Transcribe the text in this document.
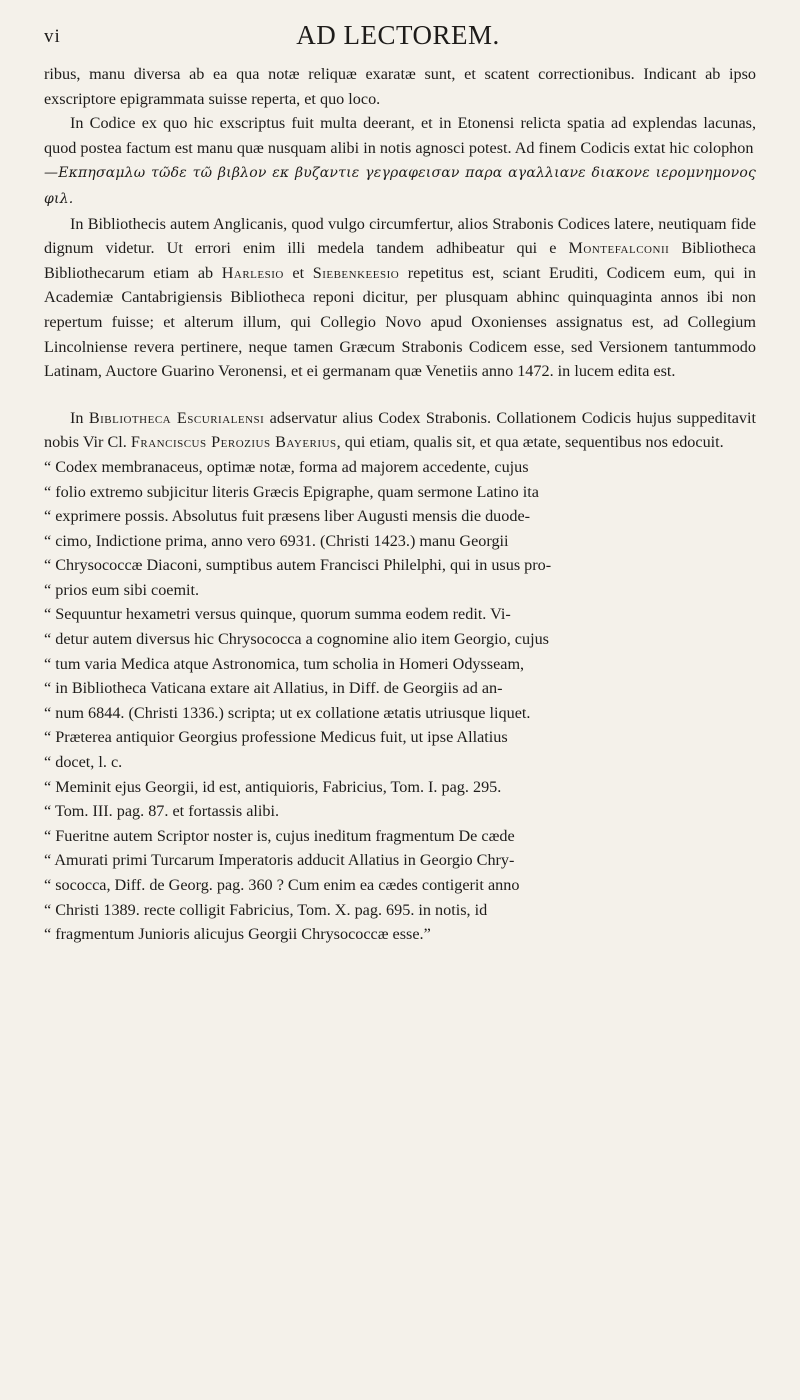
vi	AD LECTOREM.

ribus, manu diversa ab ea qua notæ reliquæ exaratæ sunt, et scatent correctionibus. Indicant ab ipso exscriptore epigrammata suisse reperta, et quo loco.

In Codice ex quo hic exscriptus fuit multa deerant, et in Etonensi relicta spatia ad explendas lacunas, quod postea factum est manu quæ nusquam alibi in notis agnosci potest. Ad finem Codicis extat hic colophon

—Εκπησαμλω τῶδε τῶ βιβλον εκ βυζαντιε γεγραφεισαν παρα αγαλλιανε διακονε ιερομνημονος φιλ.

In Bibliothecis autem Anglicanis, quod vulgo circumfertur, alios Strabonis Codices latere, neutiquam fide dignum videtur. Ut errori enim illi medela tandem adhibeatur qui e Montefalconii Bibliotheca Bibliothecarum etiam ab Harlesio et Siebenkeesio repetitus est, sciant Eruditi, Codicem eum, qui in Academiæ Cantabrigiensis Bibliotheca reponi dicitur, per plusquam abhinc quinquaginta annos ibi non repertum fuisse; et alterum illum, qui Collegio Novo apud Oxonienses assignatus est, ad Collegium Lincolniense revera pertinere, neque tamen Græcum Strabonis Codicem esse, sed Versionem tantummodo Latinam, Auctore Guarino Veronensi, et ei germanam quæ Venetiis anno 1472. in lucem edita est.

In Bibliotheca Escurialensi adservatur alius Codex Strabonis. Collationem Codicis hujus suppeditavit nobis Vir Cl. Franciscus Perozius Bayerius, qui etiam, qualis sit, et qua ætate, sequentibus nos edocuit.

“ Codex membranaceus, optimæ notæ, forma ad majorem accedente, cujus
“ folio extremo subjicitur literis Græcis Epigraphe, quam sermone Latino ita
“ exprimere possis. Absolutus fuit præsens liber Augusti mensis die duode-
“ cimo, Indictione prima, anno vero 6931. (Christi 1423.) manu Georgii
“ Chrysococcæ Diaconi, sumptibus autem Francisci Philelphi, qui in usus pro-
“ prios eum sibi coemit.
“ Sequuntur hexametri versus quinque, quorum summa eodem redit. Vi-
“ detur autem diversus hic Chrysococca a cognomine alio item Georgio, cujus
“ tum varia Medica atque Astronomica, tum scholia in Homeri Odysseam,
“ in Bibliotheca Vaticana extare ait Allatius, in Diff. de Georgiis ad an-
“ num 6844. (Christi 1336.) scripta; ut ex collatione ætatis utriusque liquet.
“ Præterea antiquior Georgius professione Medicus fuit, ut ipse Allatius
“ docet, l. c.
“ Meminit ejus Georgii, id est, antiquioris, Fabricius, Tom. I. pag. 295.
“ Tom. III. pag. 87. et fortassis alibi.
“ Fueritne autem Scriptor noster is, cujus ineditum fragmentum De cæde
“ Amurati primi Turcarum Imperatoris adducit Allatius in Georgio Chry-
“ sococca, Diff. de Georg. pag. 360 ? Cum enim ea cædes contigerit anno
“ Christi 1389. recte colligit Fabricius, Tom. X. pag. 695. in notis, id
“ fragmentum Junioris alicujus Georgii Chrysococcæ esse.”
